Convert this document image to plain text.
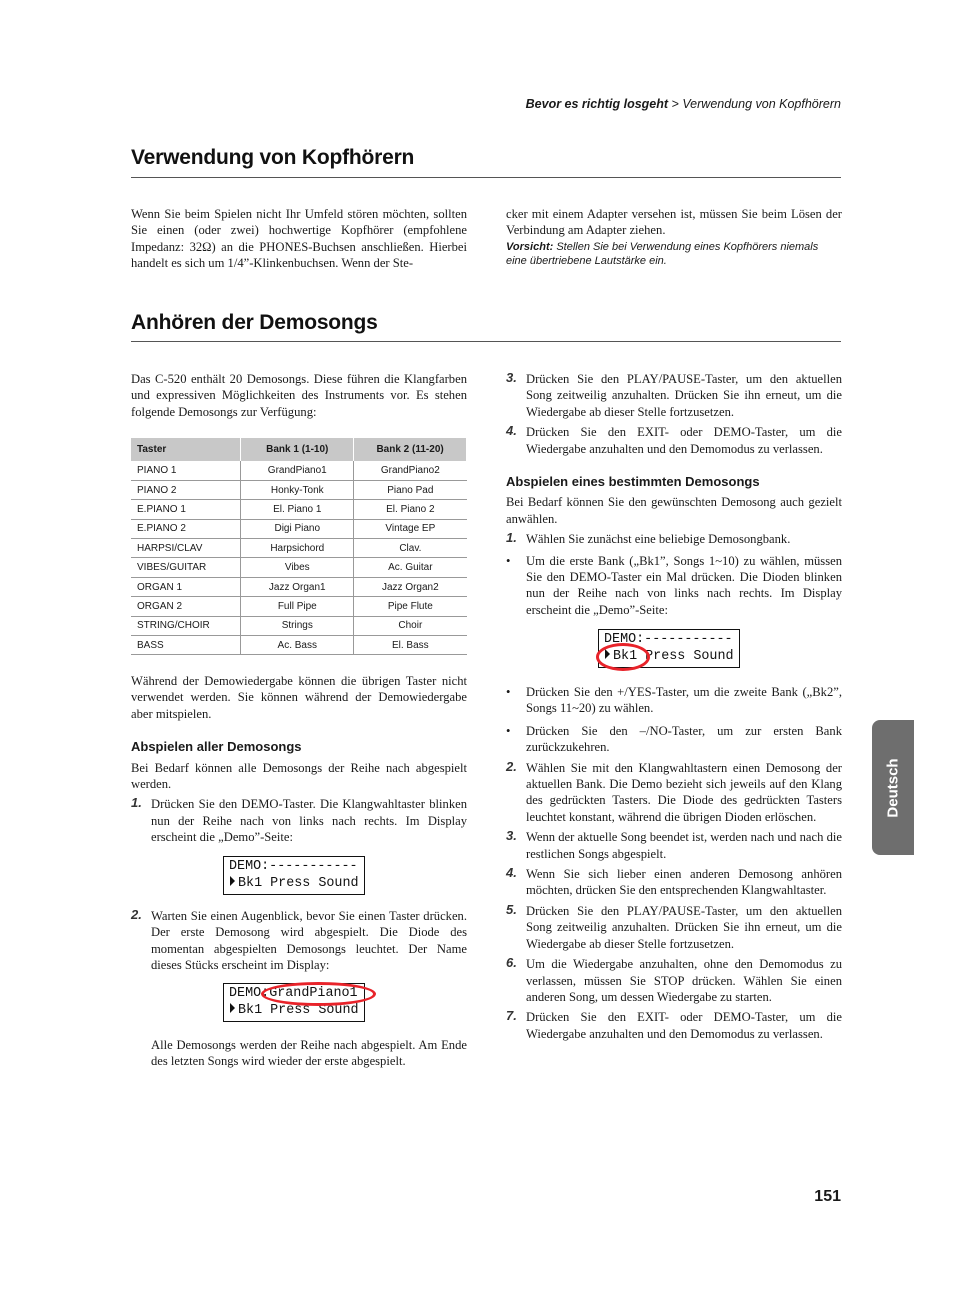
Bevor es richtig losgeht > Verwendung von Kopfhörern
Verwendung von Kopfhörern

Wenn Sie beim Spielen nicht Ihr Umfeld stören möchten, sollten Sie einen (oder zwei) hochwertige Kopfhörer (empfohlene Impedanz: 32Ω) an die PHONES-Buchsen anschließen. Hierbei handelt es sich um 1/4”-Klinkenbuchsen. Wenn der Ste-

cker mit einem Adapter versehen ist, müssen Sie beim Lösen der Verbindung am Adapter ziehen.

Vorsicht: Stellen Sie bei Verwendung eines Kopfhörers niemals eine übertriebene Lautstärke ein.

Anhören der Demosongs

Das C-520 enthält 20 Demosongs. Diese führen die Klangfarben und expressiven Möglichkeiten des Instruments vor. Es stehen folgende Demosongs zur Verfügung:

Taster	Bank 1 (1-10)	Bank 2 (11-20)
PIANO 1	GrandPiano1	GrandPiano2
PIANO 2	Honky-Tonk	Piano Pad
E.PIANO 1	El. Piano 1	El. Piano 2
E.PIANO 2	Digi Piano	Vintage EP
HARPSI/CLAV	Harpsichord	Clav.
VIBES/GUITAR	Vibes	Ac. Guitar
ORGAN 1	Jazz Organ1	Jazz Organ2
ORGAN 2	Full Pipe	Pipe Flute
STRING/CHOIR	Strings	Choir
BASS	Ac. Bass	El. Bass

Während der Demowiedergabe können die übrigen Taster nicht verwendet werden. Sie können während der Demowiedergabe aber mitspielen.

Abspielen aller Demosongs

Bei Bedarf können alle Demosongs der Reihe nach abgespielt werden.

1. Drücken Sie den DEMO-Taster. Die Klangwahltaster blinken nun der Reihe nach von links nach rechts. Im Display erscheint die „Demo”-Seite:

DEMO:-----------
Bk1 Press Sound
2. Warten Sie einen Augenblick, bevor Sie einen Taster drücken. Der erste Demosong wird abgespielt. Die Diode des momentan abgespielten Demosongs leuchtet. Der Name dieses Stücks erscheint im Display:

DEMO:GrandPiano1
Bk1 Press Sound

Alle Demosongs werden der Reihe nach abgespielt. Am Ende des letzten Songs wird wieder der erste abgespielt.

3. Drücken Sie den PLAY/PAUSE-Taster, um den aktuellen Song zeitweilig anzuhalten. Drücken Sie ihn erneut, um die Wiedergabe ab dieser Stelle fortzusetzen.

4. Drücken Sie den EXIT- oder DEMO-Taster, um die Wiedergabe anzuhalten und den Demomodus zu verlassen.

Abspielen eines bestimmten Demosongs

Bei Bedarf können Sie den gewünschten Demosong auch gezielt anwählen.

1. Wählen Sie zunächst eine beliebige Demosongbank.

• Um die erste Bank („Bk1”, Songs 1~10) zu wählen, müssen Sie den DEMO-Taster ein Mal drücken. Die Dioden blinken nun der Reihe nach von links nach rechts. Im Display erscheint die „Demo”-Seite:

DEMO:-----------
Bk1 Press Sound
• Drücken Sie den +/YES-Taster, um die zweite Bank („Bk2”, Songs 11~20) zu wählen.

• Drücken Sie den –/NO-Taster, um zur ersten Bank zurückzukehren.

2. Wählen Sie mit den Klangwahltastern einen Demosong der aktuellen Bank. Die Demo bezieht sich jeweils auf den Klang des gedrückten Tasters. Die Diode des gedrückten Tasters leuchtet konstant, während die übrigen Dioden erlöschen.

3. Wenn der aktuelle Song beendet ist, werden nach und nach die restlichen Songs abgespielt.

4. Wenn Sie sich lieber einen anderen Demosong anhören möchten, drücken Sie den entsprechenden Klangwahltaster.

5. Drücken Sie den PLAY/PAUSE-Taster, um den aktuellen Song zeitweilig anzuhalten. Drücken Sie ihn erneut, um die Wiedergabe ab dieser Stelle fortzusetzen.

6. Um die Wiedergabe anzuhalten, ohne den Demomodus zu verlassen, müssen Sie STOP drücken. Wählen Sie einen anderen Song, um dessen Wiedergabe zu starten.

7. Drücken Sie den EXIT- oder DEMO-Taster, um die Wiedergabe anzuhalten und den Demomodus zu verlassen.

Deutsch
151
